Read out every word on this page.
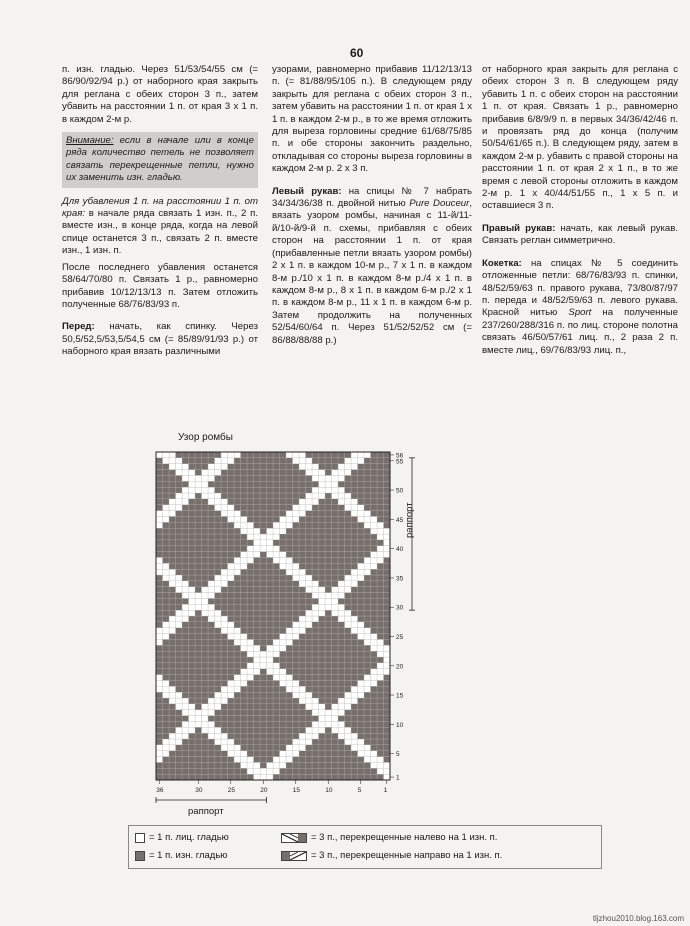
60

п. изн. гладью. Через 51/53/54/55 см (= 86/90/92/94 р.) от наборного края закрыть для реглана с обеих сторон 3 п., затем убавить на расстоянии 1 п. от края 3 х 1 п. в каждом 2-м р.

Внимание: если в начале или в конце ряда количество петель не позволяет связать перекрещенные петли, нужно их заменить изн. гладью.

Для убавления 1 п. на расстоянии 1 п. от края: в начале ряда связать 1 изн. п., 2 п. вместе изн., в конце ряда, когда на левой спице останется 3 п., связать 2 п. вместе изн., 1 изн. п.

После последнего убавления останется 58/64/70/80 п. Связать 1 р., равномерно прибавив 10/12/13/13 п. Затем отложить полученные 68/76/83/93 п.

Перед: начать, как спинку. Через 50,5/52,5/53,5/54,5 см (= 85/89/91/93 р.) от наборного края вязать различными

узорами, равномерно прибавив 11/12/13/13 п. (= 81/88/95/105 п.). В следующем ряду закрыть для реглана с обеих сторон 3 п., затем убавить на расстоянии 1 п. от края 1 х 1 п. в каждом 2-м р., в то же время отложить для выреза горловины средние 61/68/75/85 п. и обе стороны закончить раздельно, откладывая со стороны выреза горловины в каждом 2-м р. 2 х 3 п.

Левый рукав: на спицы № 7 набрать 34/34/36/38 п. двойной нитью Pure Douceur, вязать узором ромбы, начиная с 11-й/11-й/10-й/9-й п. схемы, прибавляя с обеих сторон на расстоянии 1 п. от края (прибавленные петли вязать узором ромбы) 2 х 1 п. в каждом 10-м р., 7 х 1 п. в каждом 8-м р./10 х 1 п. в каждом 8-м р./4 х 1 п. в каждом 8-м р., 8 х 1 п. в каждом 6-м р./2 х 1 п. в каждом 8-м р., 11 х 1 п. в каждом 6-м р. Затем продолжить на полученных 52/54/60/64 п. Через 51/52/52/52 см (= 86/88/88/88 р.)

от наборного края закрыть для реглана с обеих сторон 3 п. В следующем ряду убавить 1 п. с обеих сторон на расстоянии 1 п. от края. Связать 1 р., равномерно прибавив 6/8/9/9 п. в первых 34/36/42/46 п. и провязать ряд до конца (получим 50/54/61/65 п.). В следующем ряду, затем в каждом 2-м р. убавить с правой стороны на расстоянии 1 п. от края 2 х 1 п., в то же время с левой стороны отложить в каждом 2-м р. 1 х 40/44/51/55 п., 1 х 5 п. и оставшиеся 3 п.

Правый рукав: начать, как левый рукав. Связать реглан симметрично.

Кокетка: на спицах № 5 соединить отложенные петли: 68/76/83/93 п. спинки, 48/52/59/63 п. правого рукава, 73/80/87/97 п. переда и 48/52/59/63 п. левого рукава. Красной нитью Sport на полученные 237/260/288/316 п. по лиц. стороне полотна связать 46/50/57/61 лиц. п., 2 раза 2 п. вместе лиц., 69/76/83/93 лиц. п.,

Узор ромбы
1
5
10
15
20
25
30
35
40
45
50
55
56
36	30	25	20	15	10	5	1
раппорт
раппорт
= 1 п. лиц. гладью
= 1 п. изн. гладью
= 3 п., перекрещенные налево на 1 изн. п.
= 3 п., перекрещенные направо на 1 изн. п.
tljzhou2010.blog.163.com
